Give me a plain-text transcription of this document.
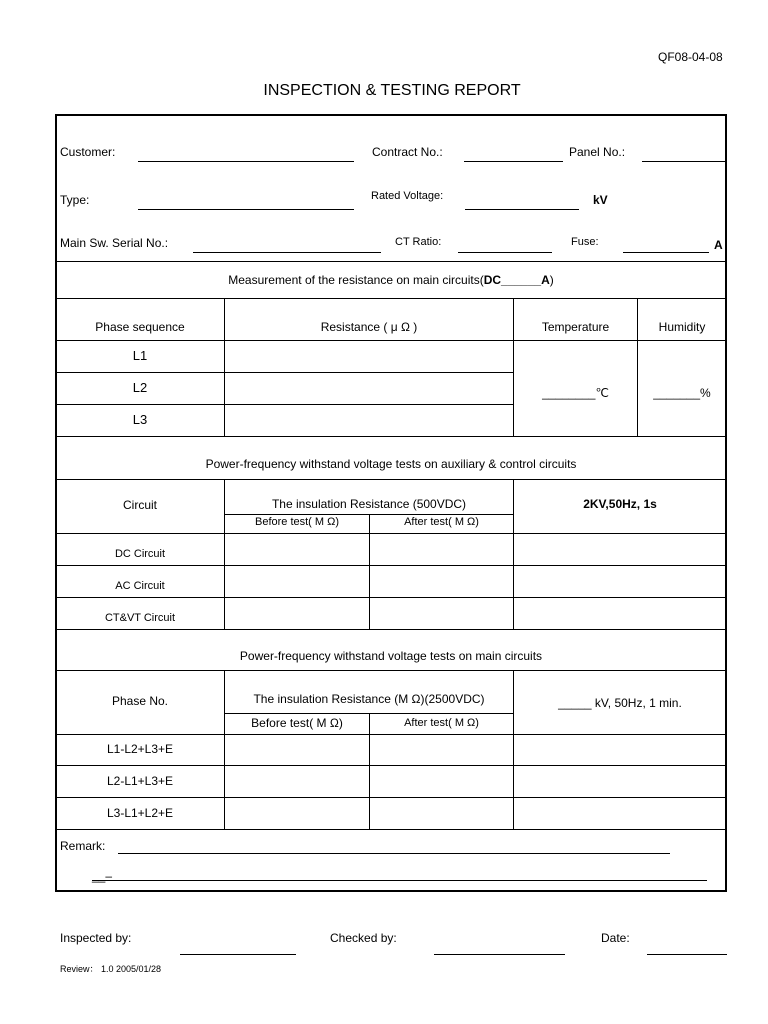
QF08-04-08
INSPECTION & TESTING REPORT
Customer:	Contract No.:	Panel No.:
Type:	Rated Voltage:	kV
Main Sw. Serial No.:	CT Ratio:	Fuse:	A
Measurement of the resistance on main circuits(DC______A)
Phase sequence	Resistance ( μ Ω )	Temperature	Humidity
L1
L2
L3
________℃	_______%
Power-frequency withstand voltage tests on auxiliary & control circuits
Circuit	The insulation Resistance (500VDC)
Before test( M Ω)	After test( M Ω)
2KV,50Hz, 1s
DC Circuit
AC Circuit
CT&VT Circuit
Power-frequency withstand voltage tests on main circuits
Phase No.	The insulation Resistance (M Ω)(2500VDC)
Before test( M Ω)	After test( M Ω)
_____ kV, 50Hz, 1 min.
L1-L2+L3+E
L2-L1+L3+E
L3-L1+L2+E
Remark:
__–
Inspected by:	Checked by:	Date:
Review： 1.0 2005/01/28
